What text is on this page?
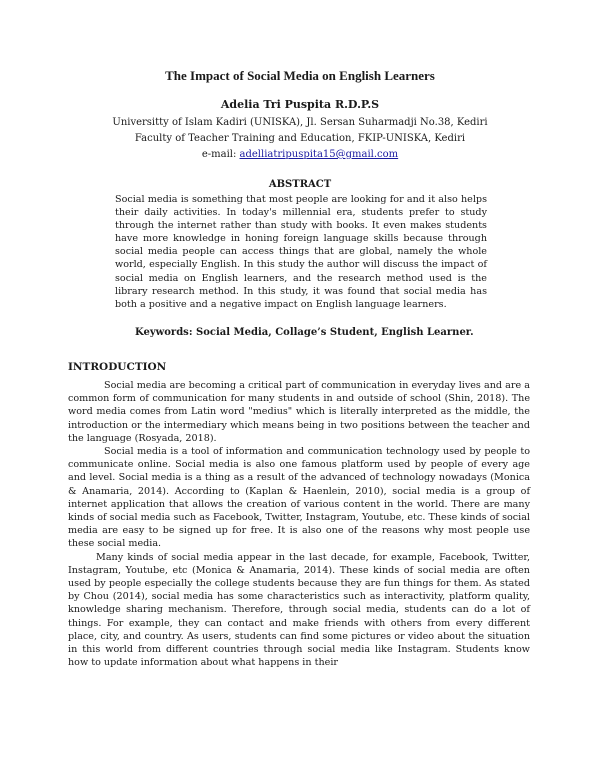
The Impact of Social Media on English Learners
Adelia Tri Puspita R.D.P.S
Universitty of Islam Kadiri (UNISKA), Jl. Sersan Suharmadji No.38, Kediri
Faculty of Teacher Training and Education, FKIP-UNISKA, Kediri
e-mail: adelliatripuspita15@gmail.com
ABSTRACT
Social media is something that most people are looking for and it also helps their daily activities. In today's millennial era, students prefer to study through the internet rather than study with books. It even makes students have more knowledge in honing foreign language skills because through social media people can access things that are global, namely the whole world, especially English. In this study the author will discuss the impact of social media on English learners, and the research method used is the library research method. In this study, it was found that social media has both a positive and a negative impact on English language learners.
Keywords: Social Media, Collage’s Student, English Learner.
INTRODUCTION

Social media are becoming a critical part of communication in everyday lives and are a common form of communication for many students in and outside of school (Shin, 2018). The word media comes from Latin word "medius" which is literally interpreted as the middle, the introduction or the intermediary which means being in two positions between the teacher and the language (Rosyada, 2018).

Social media is a tool of information and communication technology used by people to communicate online. Social media is also one famous platform used by people of every age and level. Social media is a thing as a result of the advanced of technology nowadays (Monica & Anamaria, 2014). According to (Kaplan & Haenlein, 2010), social media is a group of internet application that allows the creation of various content in the world. There are many kinds of social media such as Facebook, Twitter, Instagram, Youtube, etc. These kinds of social media are easy to be signed up for free. It is also one of the reasons why most people use these social media.

Many kinds of social media appear in the last decade, for example, Facebook, Twitter, Instagram, Youtube, etc (Monica & Anamaria, 2014). These kinds of social media are often used by people especially the college students because they are fun things for them. As stated by Chou (2014), social media has some characteristics such as interactivity, platform quality, knowledge sharing mechanism. Therefore, through social media, students can do a lot of things. For example, they can contact and make friends with others from every different place, city, and country. As users, students can find some pictures or video about the situation in this world from different countries through social media like Instagram. Students know how to update information about what happens in their
